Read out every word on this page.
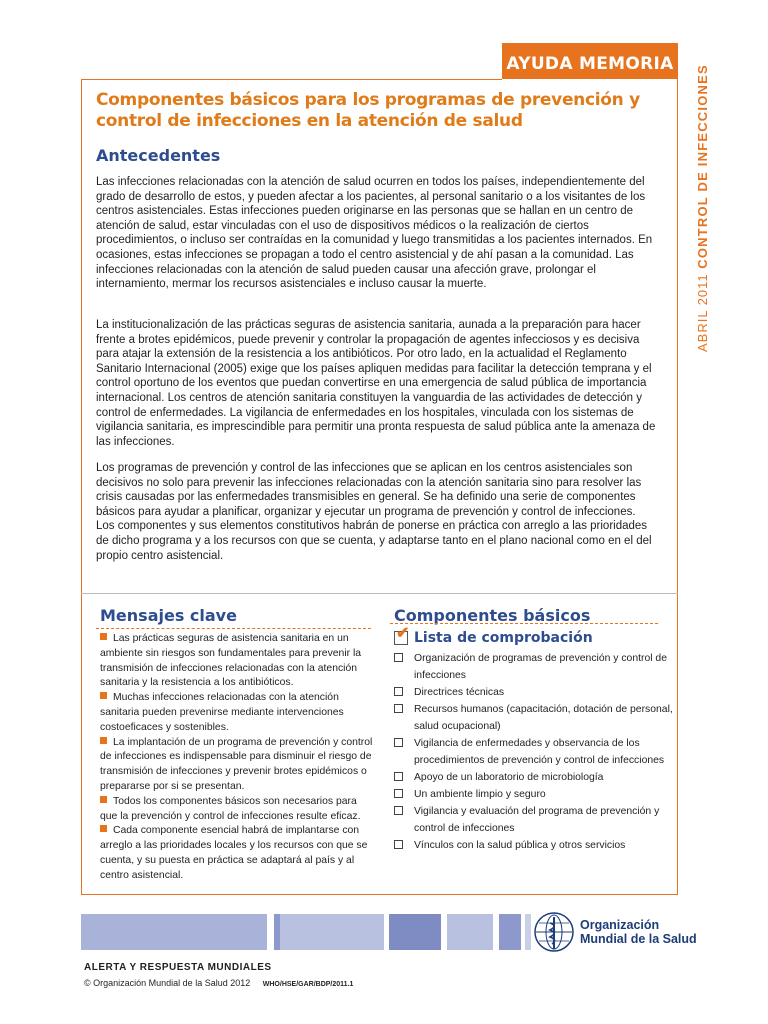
AYUDA MEMORIA
ABRIL 2011 CONTROL DE INFECCIONES
Componentes básicos para los programas de prevención y control de infecciones en la atención de salud
Antecedentes
Las infecciones relacionadas con la atención de salud ocurren en todos los países, independientemente del grado de desarrollo de estos, y pueden afectar a los pacientes, al personal sanitario o a los visitantes de los centros asistenciales. Estas infecciones pueden originarse en las personas que se hallan en un centro de atención de salud, estar vinculadas con el uso de dispositivos médicos o la realización de ciertos procedimientos, o incluso ser contraídas en la comunidad y luego transmitidas a los pacientes internados. En ocasiones, estas infecciones se propagan a todo el centro asistencial y de ahí pasan a la comunidad. Las infecciones relacionadas con la atención de salud pueden causar una afección grave, prolongar el internamiento, mermar los recursos asistenciales e incluso causar la muerte.
La institucionalización de las prácticas seguras de asistencia sanitaria, aunada a la preparación para hacer frente a brotes epidémicos, puede prevenir y controlar la propagación de agentes infecciosos y es decisiva para atajar la extensión de la resistencia a los antibióticos. Por otro lado, en la actualidad el Reglamento Sanitario Internacional (2005) exige que los países apliquen medidas para facilitar la detección temprana y el control oportuno de los eventos que puedan convertirse en una emergencia de salud pública de importancia internacional. Los centros de atención sanitaria constituyen la vanguardia de las actividades de detección y control de enfermedades. La vigilancia de enfermedades en los hospitales, vinculada con los sistemas de vigilancia sanitaria, es imprescindible para permitir una pronta respuesta de salud pública ante la amenaza de las infecciones.
Los programas de prevención y control de las infecciones que se aplican en los centros asistenciales son decisivos no solo para prevenir las infecciones relacionadas con la atención sanitaria sino para resolver las crisis causadas por las enfermedades transmisibles en general. Se ha definido una serie de componentes básicos para ayudar a planificar, organizar y ejecutar un programa de prevención y control de infecciones. Los componentes y sus elementos constitutivos habrán de ponerse en práctica con arreglo a las prioridades de dicho programa y a los recursos con que se cuenta, y adaptarse tanto en el plano nacional como en el del propio centro asistencial.
Mensajes clave
Las prácticas seguras de asistencia sanitaria en un ambiente sin riesgos son fundamentales para prevenir la transmisión de infecciones relacionadas con la atención sanitaria y la resistencia a los antibióticos.
Muchas infecciones relacionadas con la atención sanitaria pueden prevenirse mediante intervenciones costoeficaces y sostenibles.
La implantación de un programa de prevención y control de infecciones es indispensable para disminuir el riesgo de transmisión de infecciones y prevenir brotes epidémicos o prepararse por si se presentan.
Todos los componentes básicos son necesarios para que la prevención y control de infecciones resulte eficaz.
Cada componente esencial habrá de implantarse con arreglo a las prioridades locales y los recursos con que se cuenta, y su puesta en práctica se adaptará al país y al centro asistencial.
Componentes básicos
✔ Lista de comprobación
Organización de programas de prevención y control de infecciones
Directrices técnicas
Recursos humanos (capacitación, dotación de personal, salud ocupacional)
Vigilancia de enfermedades y observancia de los procedimientos de prevención y control de infecciones
Apoyo de un laboratorio de microbiología
Un ambiente limpio y seguro
Vigilancia y evaluación del programa de prevención y control de infecciones
Vínculos con la salud pública y otros servicios
Organización
Mundial de la Salud
ALERTA Y RESPUESTA MUNDIALES
© Organización Mundial de la Salud 2012 WHO/HSE/GAR/BDP/2011.1
